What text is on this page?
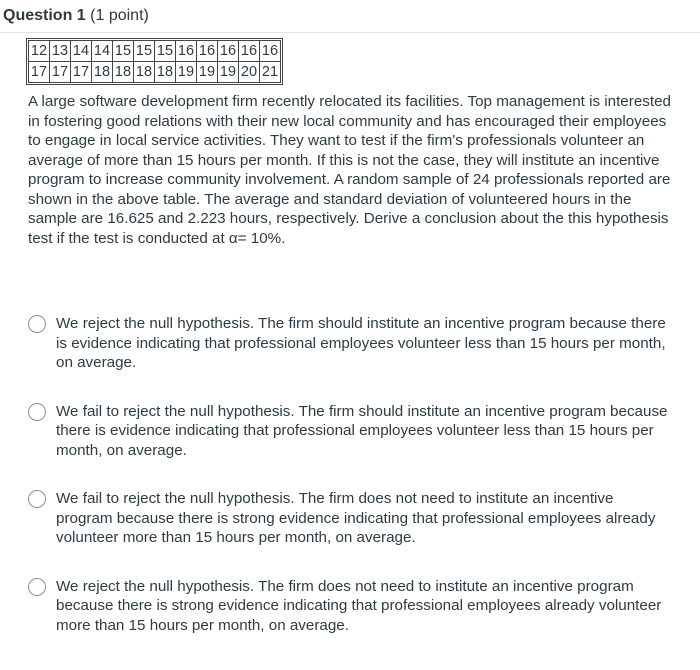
Question 1 (1 point)
12	13	14	14	15	15	15	16	16	16	16	16
17	17	17	18	18	18	18	19	19	19	20	21
A large software development firm recently relocated its facilities. Top management is interested in fostering good relations with their new local community and has encouraged their employees to engage in local service activities. They want to test if the firm's professionals volunteer an average of more than 15 hours per month. If this is not the case, they will institute an incentive program to increase community involvement. A random sample of 24 professionals reported are shown in the above table. The average and standard deviation of volunteered hours in the sample are 16.625 and 2.223 hours, respectively. Derive a conclusion about the this hypothesis test if the test is conducted at α= 10%.
We reject the null hypothesis. The firm should institute an incentive program because there is evidence indicating that professional employees volunteer less than 15 hours per month, on average.
We fail to reject the null hypothesis. The firm should institute an incentive program because there is evidence indicating that professional employees volunteer less than 15 hours per month, on average.
We fail to reject the null hypothesis. The firm does not need to institute an incentive program because there is strong evidence indicating that professional employees already volunteer more than 15 hours per month, on average.
We reject the null hypothesis. The firm does not need to institute an incentive program because there is strong evidence indicating that professional employees already volunteer more than 15 hours per month, on average.
